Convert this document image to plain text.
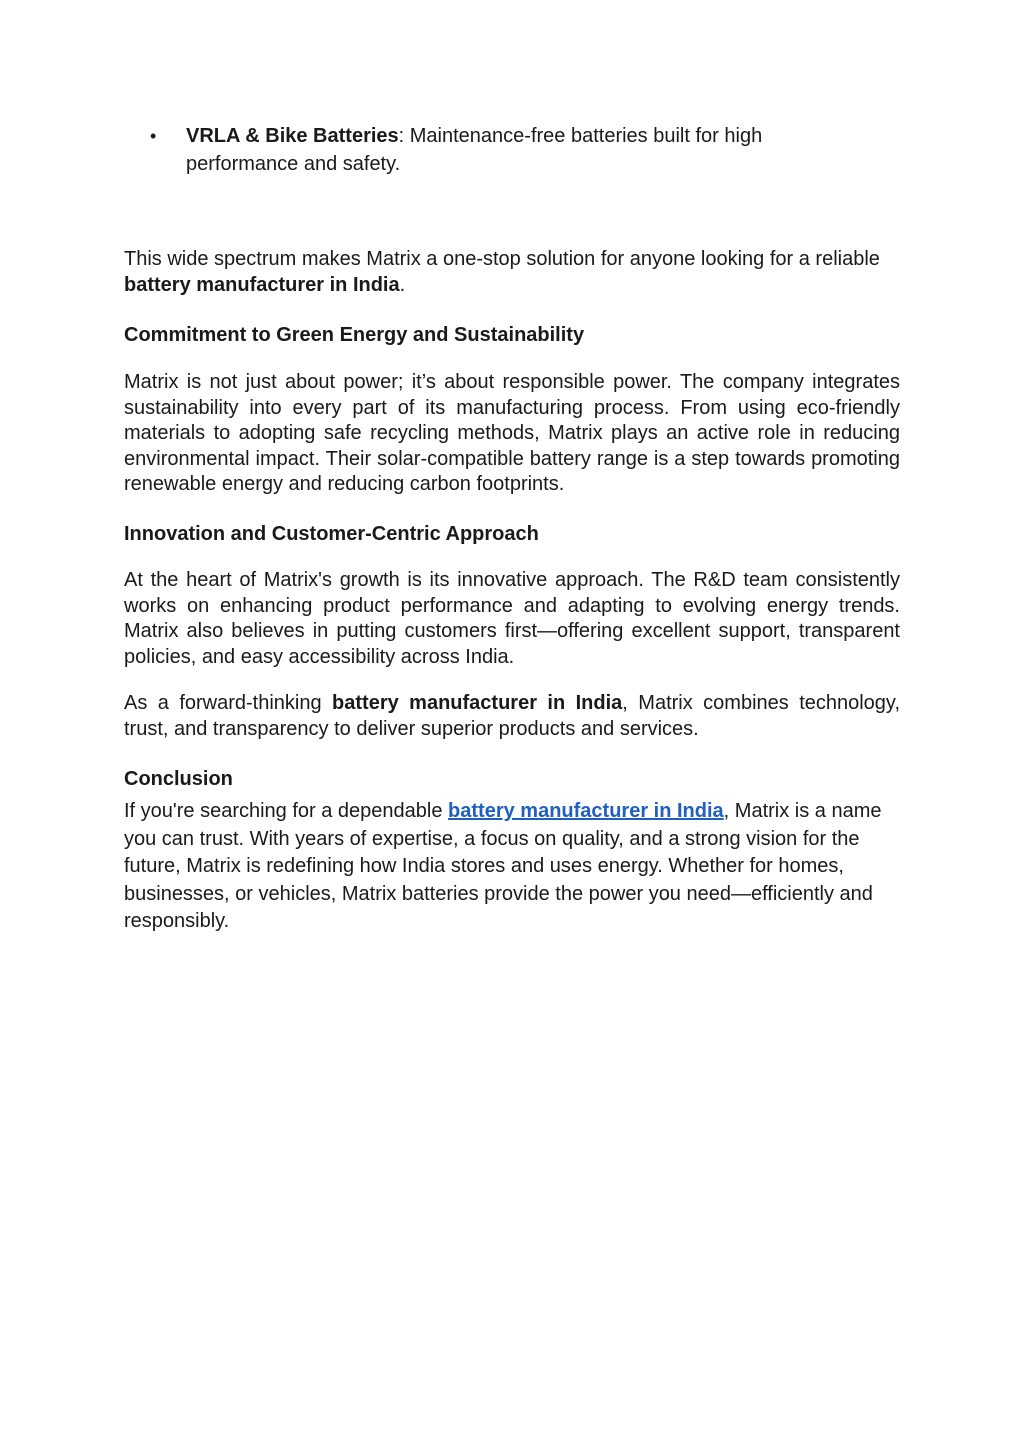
• VRLA & Bike Batteries: Maintenance-free batteries built for high performance and safety.

This wide spectrum makes Matrix a one-stop solution for anyone looking for a reliable battery manufacturer in India.

Commitment to Green Energy and Sustainability

Matrix is not just about power; it’s about responsible power. The company integrates sustainability into every part of its manufacturing process. From using eco-friendly materials to adopting safe recycling methods, Matrix plays an active role in reducing environmental impact. Their solar-compatible battery range is a step towards promoting renewable energy and reducing carbon footprints.

Innovation and Customer-Centric Approach

At the heart of Matrix's growth is its innovative approach. The R&D team consistently works on enhancing product performance and adapting to evolving energy trends. Matrix also believes in putting customers first—offering excellent support, transparent policies, and easy accessibility across India.

As a forward-thinking battery manufacturer in India, Matrix combines technology, trust, and transparency to deliver superior products and services.

Conclusion

If you're searching for a dependable battery manufacturer in India, Matrix is a name you can trust. With years of expertise, a focus on quality, and a strong vision for the future, Matrix is redefining how India stores and uses energy. Whether for homes, businesses, or vehicles, Matrix batteries provide the power you need—efficiently and responsibly.
